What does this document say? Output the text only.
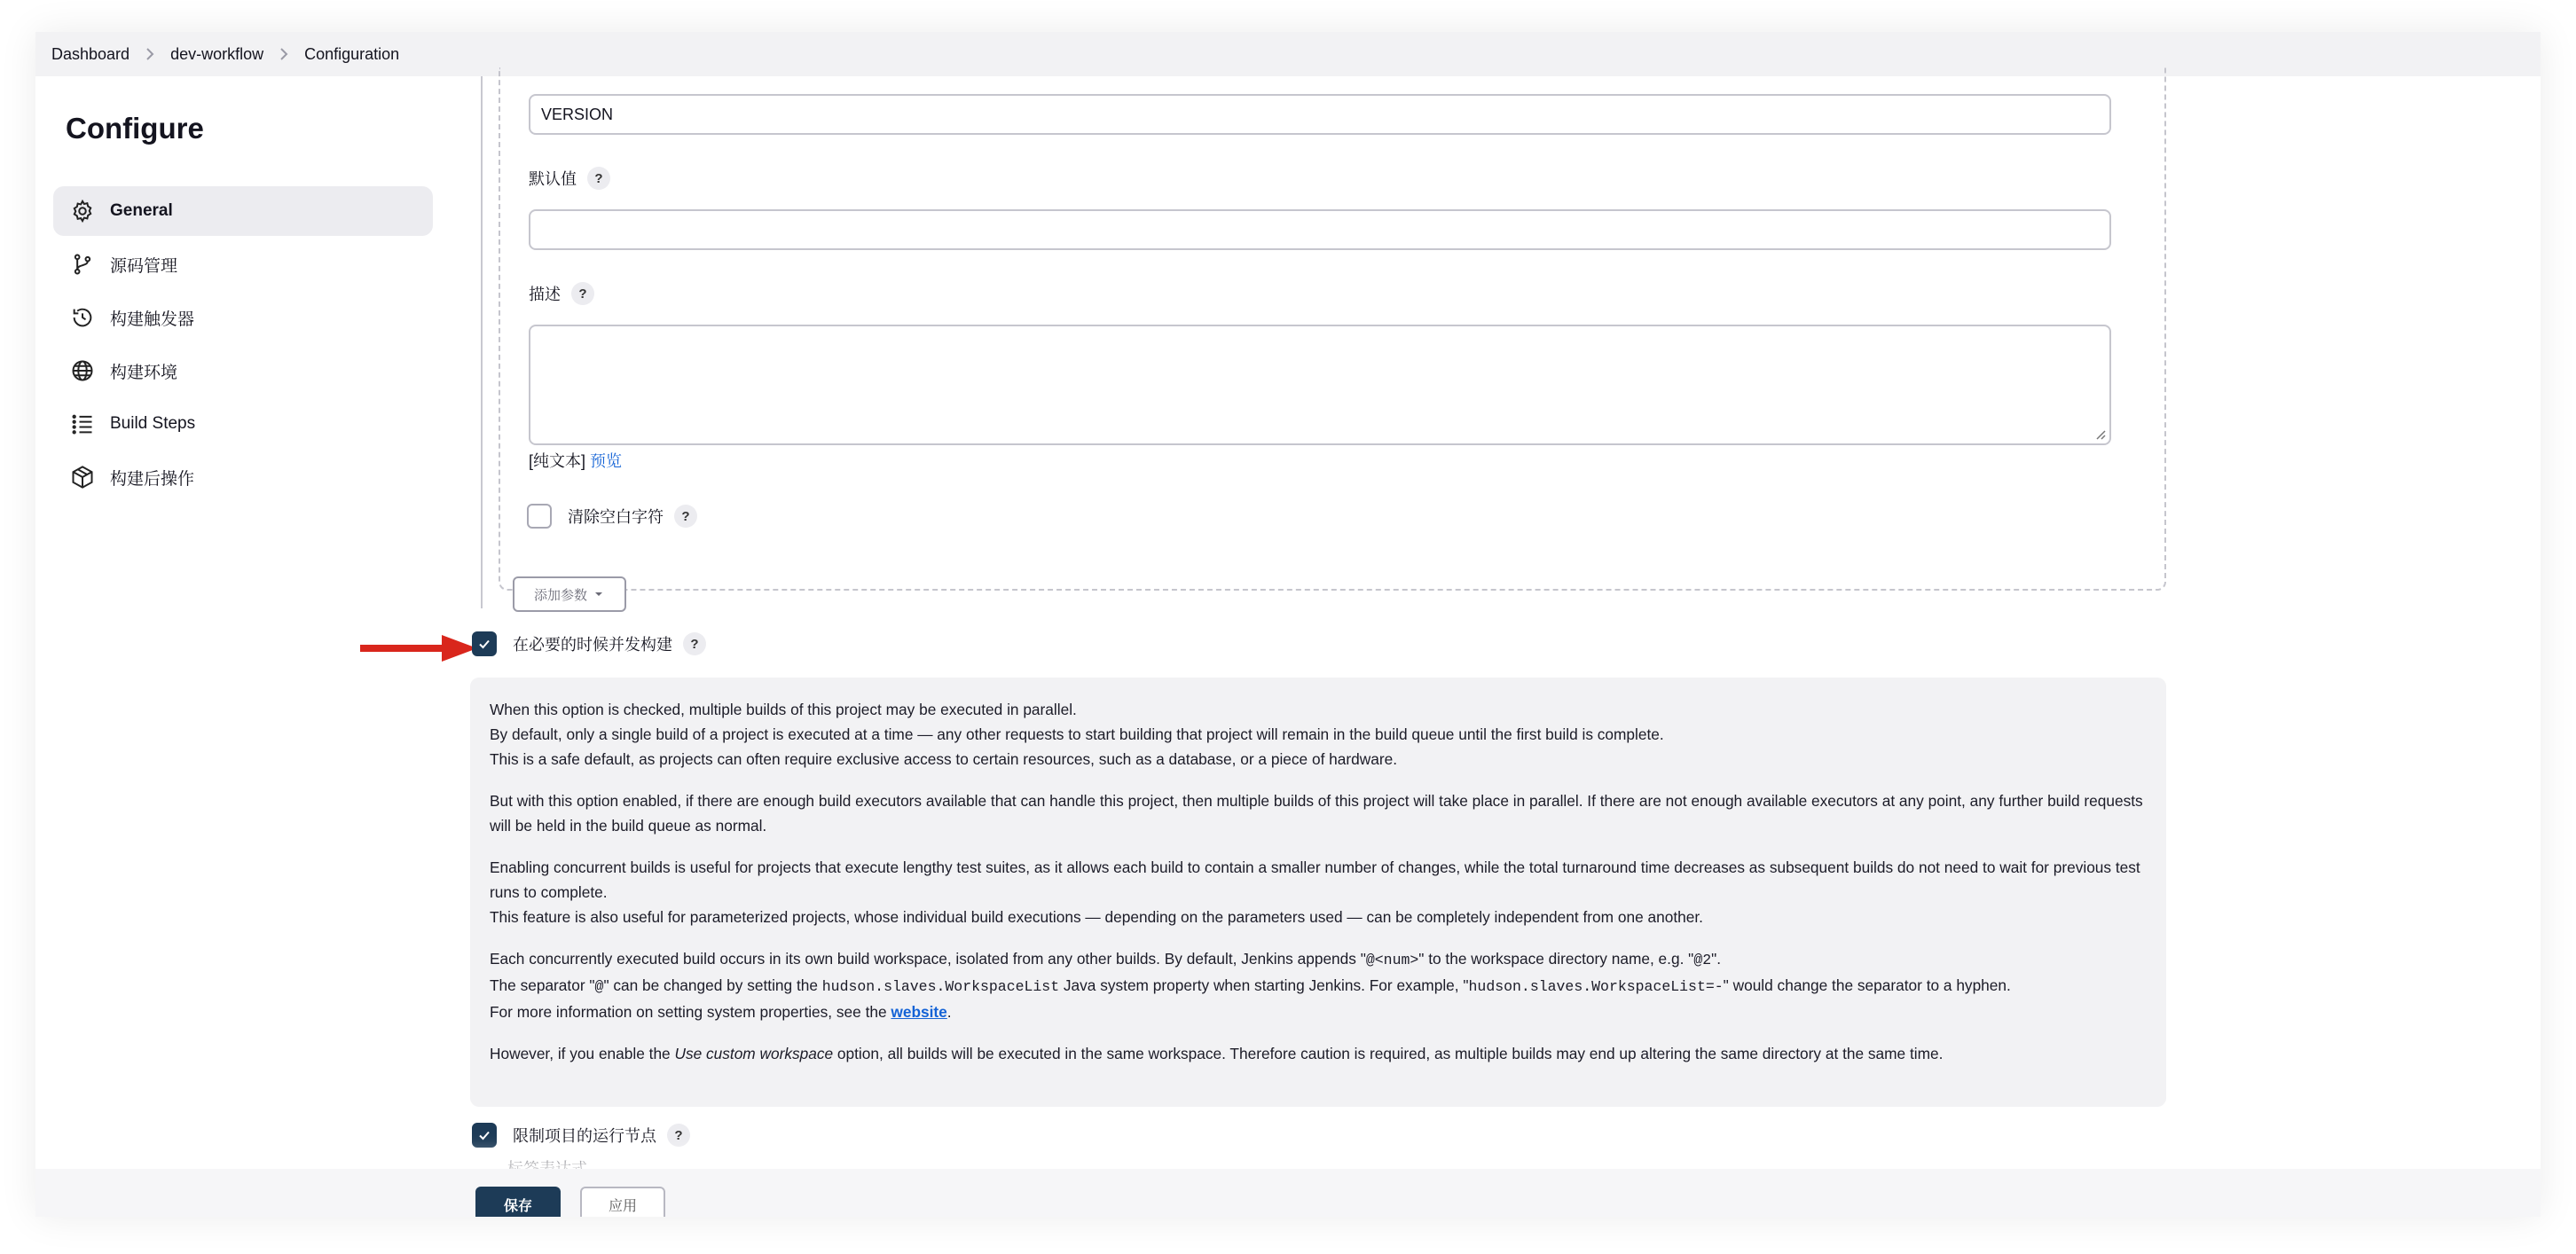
Dashboard	dev-workflow	Configuration
Configure
General
源码管理
构建触发器
构建环境
Build Steps
构建后操作
VERSION
默认值	?
描述	?
[纯文本] 预览
清除空白字符	?
添加参数
在必要的时候并发构建	?

When this option is checked, multiple builds of this project may be executed in parallel.
By default, only a single build of a project is executed at a time — any other requests to start building that project will remain in the build queue until the first build is complete.
This is a safe default, as projects can often require exclusive access to certain resources, such as a database, or a piece of hardware.

But with this option enabled, if there are enough build executors available that can handle this project, then multiple builds of this project will take place in parallel. If there are not enough available executors at any point, any further build requests will be held in the build queue as normal.

Enabling concurrent builds is useful for projects that execute lengthy test suites, as it allows each build to contain a smaller number of changes, while the total turnaround time decreases as subsequent builds do not need to wait for previous test runs to complete.
This feature is also useful for parameterized projects, whose individual build executions — depending on the parameters used — can be completely independent from one another.

Each concurrently executed build occurs in its own build workspace, isolated from any other builds. By default, Jenkins appends "@<num>" to the workspace directory name, e.g. "@2".
The separator "@" can be changed by setting the hudson.slaves.WorkspaceList Java system property when starting Jenkins. For example, "hudson.slaves.WorkspaceList=-" would change the separator to a hyphen.
For more information on setting system properties, see the website.

However, if you enable the Use custom workspace option, all builds will be executed in the same workspace. Therefore caution is required, as multiple builds may end up altering the same directory at the same time.

限制项目的运行节点	?
保存	应用
